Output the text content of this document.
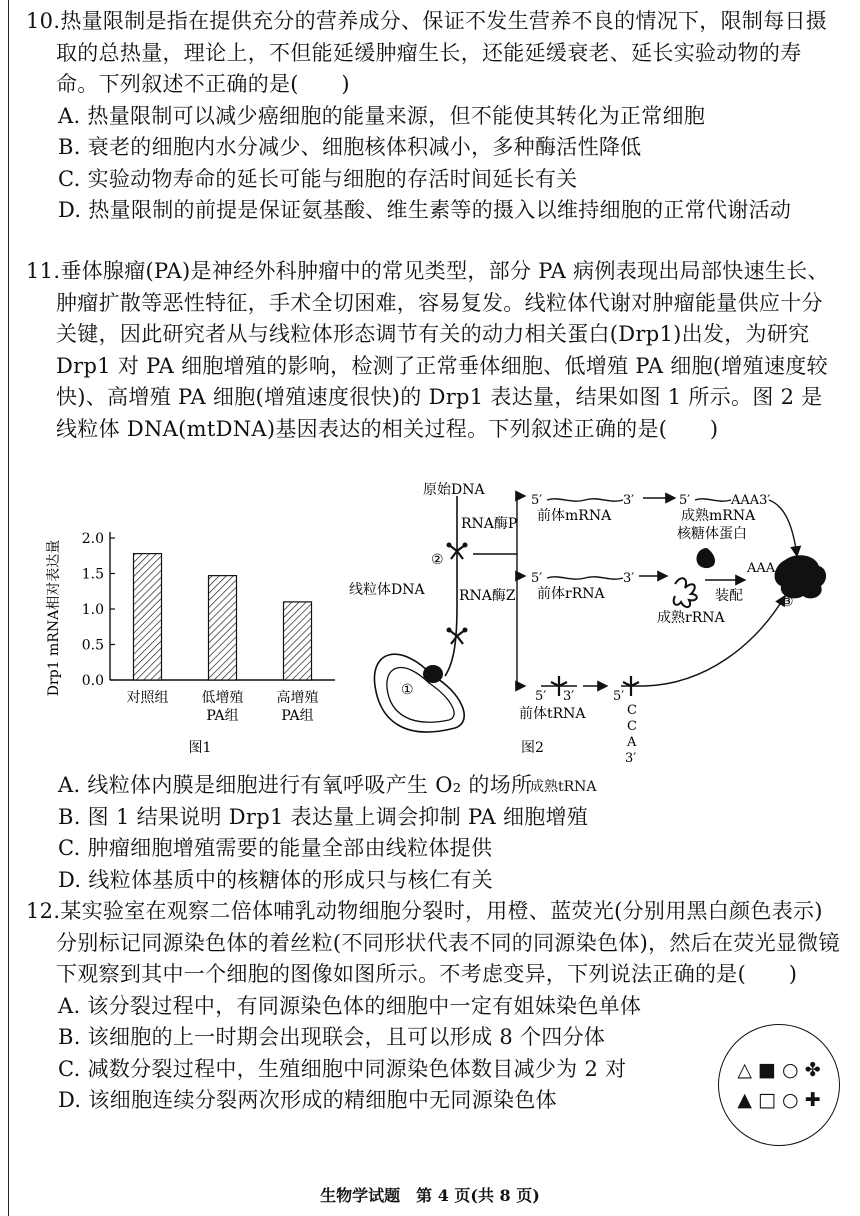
10.热量限制是指在提供充分的营养成分、保证不发生营养不良的情况下，限制每日摄取的总热量，理论上，不但能延缓肿瘤生长，还能延缓衰老、延长实验动物的寿命。下列叙述不正确的是(　　)

A. 热量限制可以减少癌细胞的能量来源，但不能使其转化为正常细胞

B. 衰老的细胞内水分减少、细胞核体积减小，多种酶活性降低

C. 实验动物寿命的延长可能与细胞的存活时间延长有关

D. 热量限制的前提是保证氨基酸、维生素等的摄入以维持细胞的正常代谢活动

11.垂体腺瘤(PA)是神经外科肿瘤中的常见类型，部分 PA 病例表现出局部快速生长、肿瘤扩散等恶性特征，手术全切困难，容易复发。线粒体代谢对肿瘤能量供应十分关键，因此研究者从与线粒体形态调节有关的动力相关蛋白(Drp1)出发，为研究 Drp1 对 PA 细胞增殖的影响，检测了正常垂体细胞、低增殖 PA 细胞(增殖速度较快)、高增殖 PA 细胞(增殖速度很快)的 Drp1 表达量，结果如图 1 所示。图 2 是线粒体 DNA(mtDNA)基因表达的相关过程。下列叙述正确的是(　　)

Drp1 mRNA相对表达量 0.0
0.5
1.0
1.5
2.0
对照组 低增殖
PA组
高增殖
PA组
图1
①
线粒体DNA
原始DNA
RNA酶P
②
RNA酶Z
5′	3′
前体mRNA
5′	AAA3′
成熟mRNA
核糖体蛋白
5′	3′
前体rRNA
成熟rRNA
装配
AAA
③
5′ 3′
前体tRNA
5′
C
C
A
3′
图2
成熟tRNA

A. 线粒体内膜是细胞进行有氧呼吸产生 O₂ 的场所

B. 图 1 结果说明 Drp1 表达量上调会抑制 PA 细胞增殖

C. 肿瘤细胞增殖需要的能量全部由线粒体提供

D. 线粒体基质中的核糖体的形成只与核仁有关

12.某实验室在观察二倍体哺乳动物细胞分裂时，用橙、蓝荧光(分别用黑白颜色表示)分别标记同源染色体的着丝粒(不同形状代表不同的同源染色体)，然后在荧光显微镜下观察到其中一个细胞的图像如图所示。不考虑变异，下列说法正确的是(　　)

A. 该分裂过程中，有同源染色体的细胞中一定有姐妹染色单体

B. 该细胞的上一时期会出现联会，且可以形成 8 个四分体

C. 减数分裂过程中，生殖细胞中同源染色体数目减少为 2 对

D. 该细胞连续分裂两次形成的精细胞中无同源染色体

△ ■ ○ ✤
▲ □ ○ ✚
生物学试题　第 4 页(共 8 页)
